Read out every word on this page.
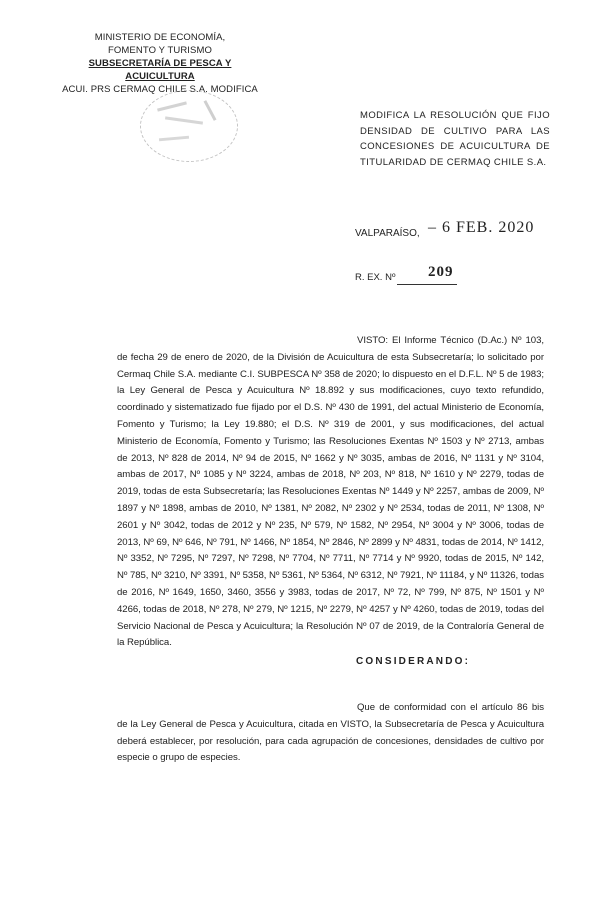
MINISTERIO DE ECONOMÍA,
FOMENTO Y TURISMO
SUBSECRETARÍA DE PESCA Y ACUICULTURA
ACUI. PRS CERMAQ CHILE S.A. MODIFICA
MODIFICA LA RESOLUCIÓN QUE FIJO DENSIDAD DE CULTIVO PARA LAS CONCESIONES DE ACUICULTURA DE TITULARIDAD DE CERMAQ CHILE S.A.
VALPARAÍSO, – 6 FEB. 2020
R. EX. Nº 209
VISTO: El Informe Técnico (D.Ac.) Nº 103, de fecha 29 de enero de 2020, de la División de Acuicultura de esta Subsecretaría; lo solicitado por Cermaq Chile S.A. mediante C.I. SUBPESCA Nº 358 de 2020; lo dispuesto en el D.F.L. Nº 5 de 1983; la Ley General de Pesca y Acuicultura Nº 18.892 y sus modificaciones, cuyo texto refundido, coordinado y sistematizado fue fijado por el D.S. Nº 430 de 1991, del actual Ministerio de Economía, Fomento y Turismo; la Ley 19.880; el D.S. Nº 319 de 2001, y sus modificaciones, del actual Ministerio de Economía, Fomento y Turismo; las Resoluciones Exentas Nº 1503 y Nº 2713, ambas de 2013, Nº 828 de 2014, Nº 94 de 2015, Nº 1662 y Nº 3035, ambas de 2016, Nº 1131 y Nº 3104, ambas de 2017, Nº 1085 y Nº 3224, ambas de 2018, Nº 203, Nº 818, Nº 1610 y Nº 2279, todas de 2019, todas de esta Subsecretaría; las Resoluciones Exentas Nº 1449 y Nº 2257, ambas de 2009, Nº 1897 y Nº 1898, ambas de 2010, Nº 1381, Nº 2082, Nº 2302 y Nº 2534, todas de 2011, Nº 1308, Nº 2601 y Nº 3042, todas de 2012 y Nº 235, Nº 579, Nº 1582, Nº 2954, Nº 3004 y Nº 3006, todas de 2013, Nº 69, Nº 646, Nº 791, Nº 1466, Nº 1854, Nº 2846, Nº 2899 y Nº 4831, todas de 2014, Nº 1412, Nº 3352, Nº 7295, Nº 7297, Nº 7298, Nº 7704, Nº 7711, Nº 7714 y Nº 9920, todas de 2015, Nº 142, Nº 785, Nº 3210, Nº 3391, Nº 5358, Nº 5361, Nº 5364, Nº 6312, Nº 7921, Nº 11184, y Nº 11326, todas de 2016, Nº 1649, 1650, 3460, 3556 y 3983, todas de 2017, Nº 72, Nº 799, Nº 875, Nº 1501 y Nº 4266, todas de 2018, Nº 278, Nº 279, Nº 1215, Nº 2279, Nº 4257 y Nº 4260, todas de 2019, todas del Servicio Nacional de Pesca y Acuicultura; la Resolución Nº 07 de 2019, de la Contraloría General de la República.
CONSIDERANDO:
Que de conformidad con el artículo 86 bis de la Ley General de Pesca y Acuicultura, citada en VISTO, la Subsecretaría de Pesca y Acuicultura deberá establecer, por resolución, para cada agrupación de concesiones, densidades de cultivo por especie o grupo de especies.
